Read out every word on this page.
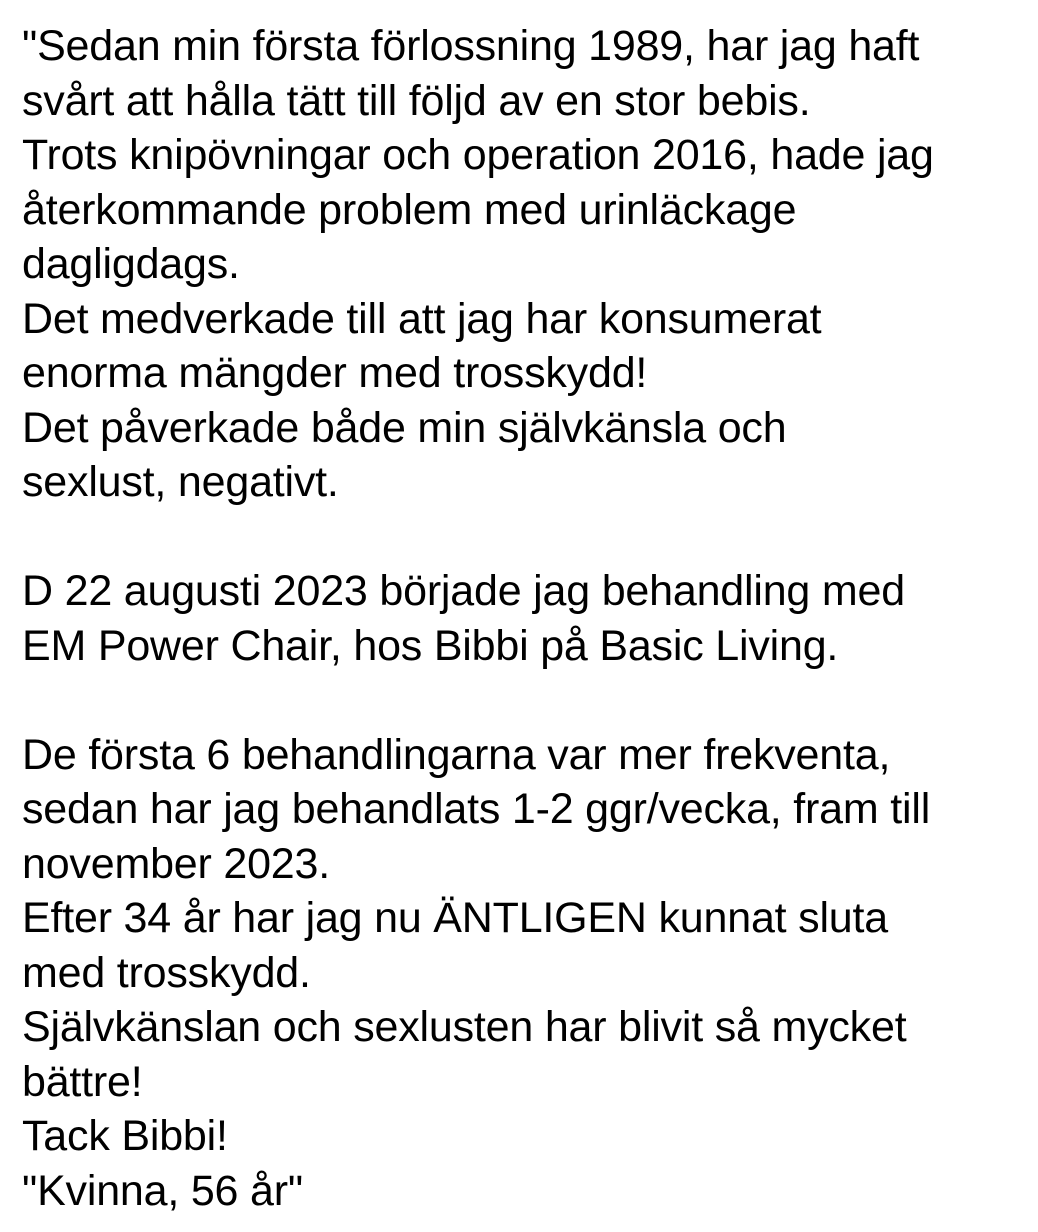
"Sedan min första förlossning 1989, har jag haft
svårt att hålla tätt till följd av en stor bebis.
Trots knipövningar och operation 2016, hade jag
återkommande problem med urinläckage
dagligdags.
Det medverkade till att jag har konsumerat
enorma mängder med trosskydd!
Det påverkade både min självkänsla och
sexlust, negativt.
D 22 augusti 2023 började jag behandling med
EM Power Chair, hos Bibbi på Basic Living.
De första 6 behandlingarna var mer frekventa,
sedan har jag behandlats 1-2 ggr/vecka, fram till
november 2023.
Efter 34 år har jag nu ÄNTLIGEN kunnat sluta
med trosskydd.
Självkänslan och sexlusten har blivit så mycket
bättre!
Tack Bibbi!
"Kvinna, 56 år"
